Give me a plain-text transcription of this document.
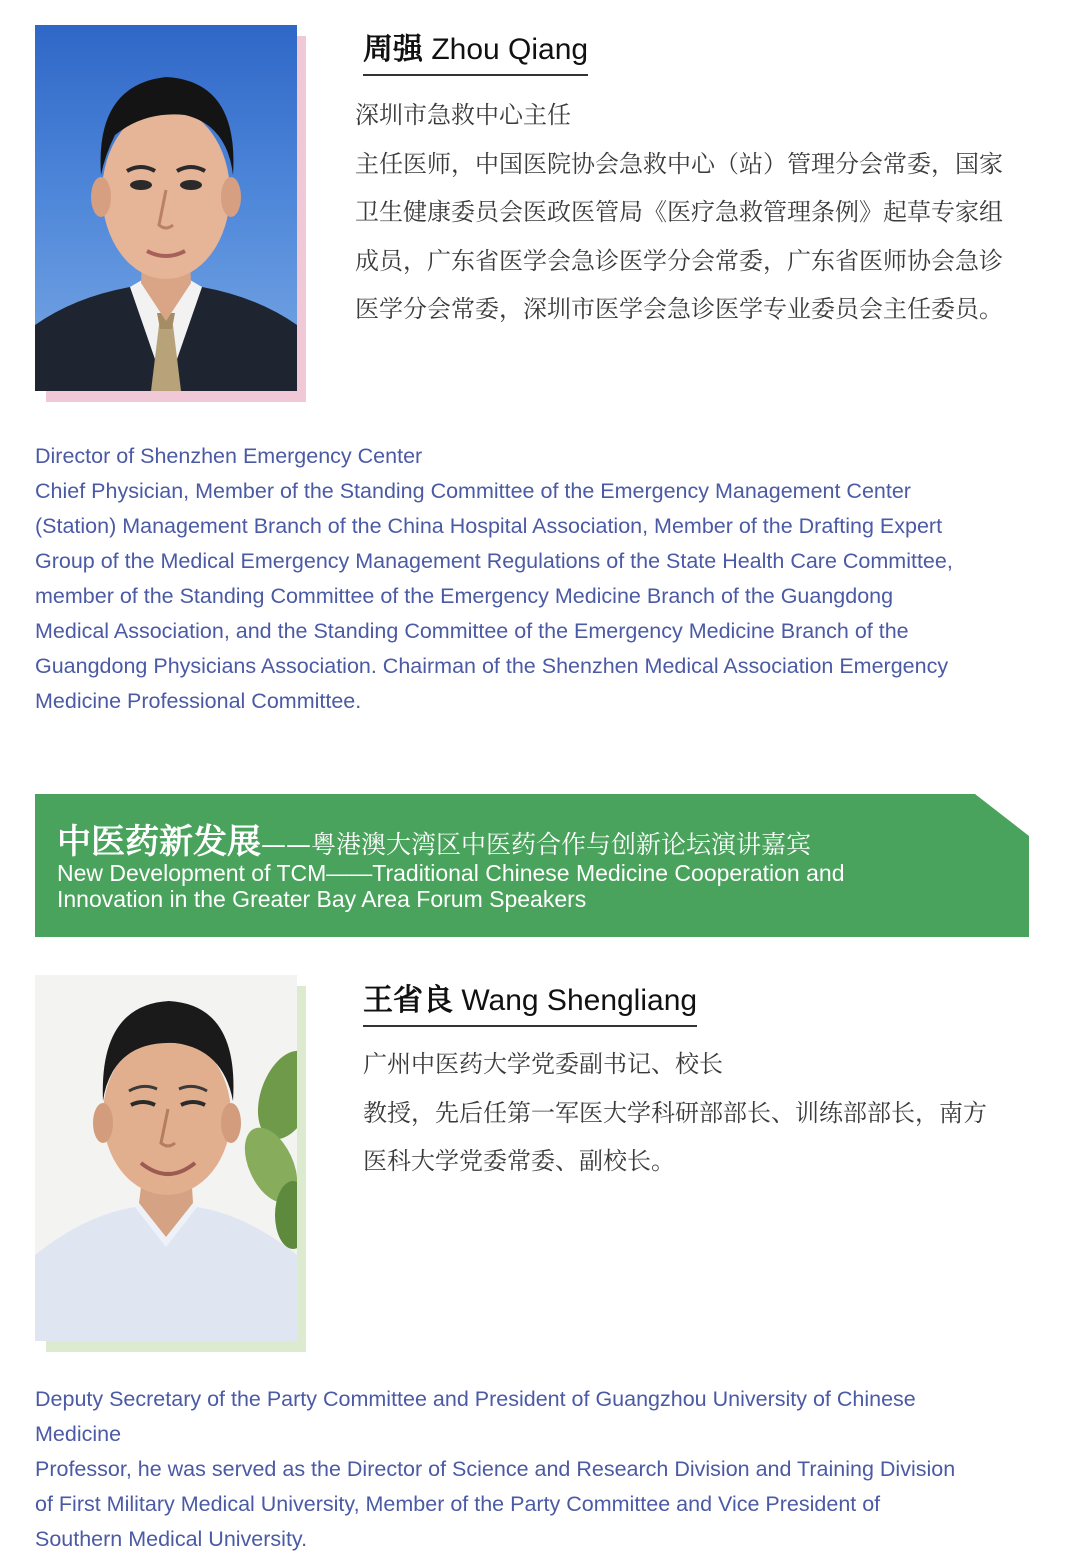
周强 Zhou Qiang
深圳市急救中心主任
主任医师，中国医院协会急救中心（站）管理分会常委，国家
卫生健康委员会医政医管局《医疗急救管理条例》起草专家组
成员，广东省医学会急诊医学分会常委，广东省医师协会急诊
医学分会常委，深圳市医学会急诊医学专业委员会主任委员。
Director of Shenzhen Emergency Center
Chief Physician, Member of the Standing Committee of the Emergency Management Center
(Station) Management Branch of the China Hospital Association, Member of the Drafting Expert
Group of the Medical Emergency Management Regulations of the State Health Care Committee,
member of the Standing Committee of the Emergency Medicine Branch of the Guangdong
Medical Association, and the Standing Committee of the Emergency Medicine Branch of the
Guangdong Physicians Association. Chairman of the Shenzhen Medical Association Emergency
Medicine Professional Committee.
中医药新发展——粤港澳大湾区中医药合作与创新论坛演讲嘉宾
New Development of TCM——Traditional Chinese Medicine Cooperation and
Innovation in the Greater Bay Area Forum Speakers
王省良 Wang Shengliang
广州中医药大学党委副书记、校长
教授，先后任第一军医大学科研部部长、训练部部长，南方
医科大学党委常委、副校长。
Deputy Secretary of the Party Committee and President of Guangzhou University of Chinese
Medicine
Professor, he was served as the Director of Science and Research Division and Training Division
of First Military Medical University, Member of the Party Committee and Vice President of
Southern Medical University.
